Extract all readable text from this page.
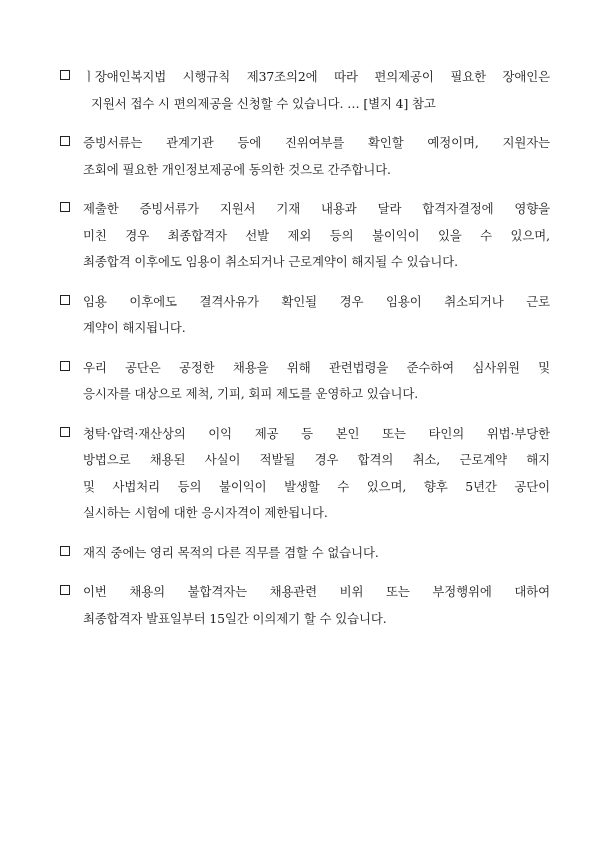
ㅣ장애인복지법 시행규칙 제37조의2에 따라 편의제공이 필요한 장애인은
지원서 접수 시 편의제공을 신청할 수 있습니다. … [별지 4] 참고
증빙서류는 관계기관 등에 진위여부를 확인할 예정이며, 지원자는
조회에 필요한 개인정보제공에 동의한 것으로 간주합니다.
제출한 증빙서류가 지원서 기재 내용과 달라 합격자결정에 영향을
미친 경우 최종합격자 선발 제외 등의 불이익이 있을 수 있으며,
최종합격 이후에도 임용이 취소되거나 근로계약이 해지될 수 있습니다.
임용 이후에도 결격사유가 확인될 경우 임용이 취소되거나 근로
계약이 해지됩니다.
우리 공단은 공정한 채용을 위해 관련법령을 준수하여 심사위원 및
응시자를 대상으로 제척, 기피, 회피 제도를 운영하고 있습니다.
청탁·압력·재산상의 이익 제공 등 본인 또는 타인의 위법·부당한
방법으로 채용된 사실이 적발될 경우 합격의 취소, 근로계약 해지
및 사법처리 등의 불이익이 발생할 수 있으며, 향후 5년간 공단이
실시하는 시험에 대한 응시자격이 제한됩니다.
재직 중에는 영리 목적의 다른 직무를 겸할 수 없습니다.
이번 채용의 불합격자는 채용관련 비위 또는 부정행위에 대하여
최종합격자 발표일부터 15일간 이의제기 할 수 있습니다.
